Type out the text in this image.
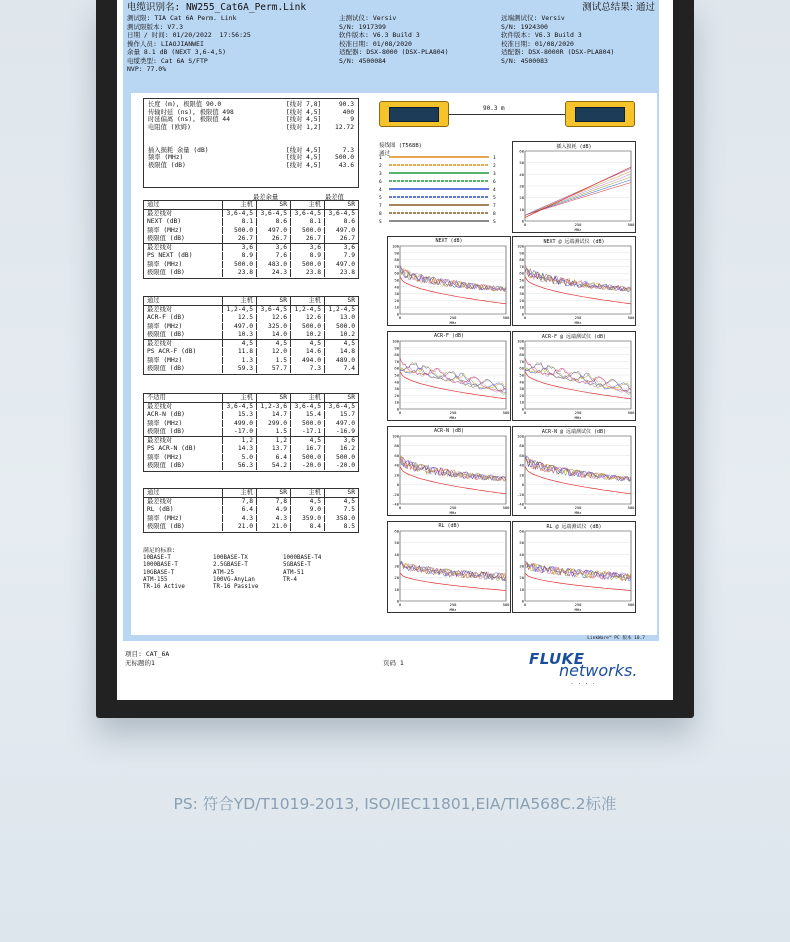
电缆识别名: NW255_Cat6A_Perm.Link	测试总结果: 通过
测试限: TIA Cat 6A Perm. Link
测试限版本: V7.3
日期 / 时间: 01/20/2022  17:56:25
操作人员: LIAOJIANWEI
余量 8.1 dB (NEXT 3,6-4,5)
电缆类型: Cat 6A S/FTP
NVP: 77.0%
主测试仪: Versiv
S/N: 1917399
软件版本: V6.3 Build 3
校准日期: 01/08/2020
适配器: DSX-8000 (DSX-PLA804)
S/N: 4500084
远端测试仪: Versiv
S/N: 1924300
软件版本: V6.3 Build 3
校准日期: 01/08/2020
适配器: DSX-8000R (DSX-PLA804)
S/N: 4500083
长度 (m), 极限值 90.0	[线对 7,8]	90.3
传输时延 (ns), 极限值 498	[线对 4,5]	400
时延偏离 (ns), 极限值 44	[线对 4,5]	9
电阻值 (欧姆)	[线对 1,2]	12.72

插入损耗 余量 (dB)	[线对 4,5]	7.3
频率 (MHz)	[线对 4,5]	500.0
极限值 (dB)	[线对 4,5]	43.6
最差余量	最差值
通过	主机	SR	主机	SR
最差线对	3,6-4,5	3,6-4,5	3,6-4,5	3,6-4,5
NEXT (dB)	8.1	8.6	8.1	8.6
频率 (MHz)	500.0	497.0	500.0	497.0
极限值 (dB)	26.7	26.7	26.7	26.7
最差线对	3,6	3,6	3,6	3,6
PS NEXT (dB)	8.9	7.6	8.9	7.9
频率 (MHz)	500.0	483.0	500.0	497.0
极限值 (dB)	23.8	24.3	23.8	23.8
通过	主机	SR	主机	SR
最差线对	1,2-4,5	3,6-4,5	1,2-4,5	1,2-4,5
ACR-F (dB)	12.5	12.6	12.6	13.0
频率 (MHz)	497.0	325.0	500.0	500.0
极限值 (dB)	10.3	14.0	10.2	10.2
最差线对	4,5	4,5	4,5	4,5
PS ACR-F (dB)	11.8	12.0	14.6	14.8
频率 (MHz)	1.3	1.5	494.0	489.0
极限值 (dB)	59.3	57.7	7.3	7.4
不适用	主机	SR	主机	SR
最差线对	3,6-4,5	1,2-3,6	3,6-4,5	3,6-4,5
ACR-N (dB)	15.3	14.7	15.4	15.7
频率 (MHz)	499.0	299.0	500.0	497.0
极限值 (dB)	-17.0	1.5	-17.1	-16.9
最差线对	1,2	1,2	4,5	3,6
PS ACR-N (dB)	14.3	13.7	16.7	16.2
频率 (MHz)	5.0	6.4	500.0	500.0
极限值 (dB)	56.3	54.2	-20.0	-20.0
通过	主机	SR	主机	SR
最差线对	7,8	7,8	4,5	4,5
RL (dB)	6.4	4.9	9.0	7.5
频率 (MHz)	4.3	4.3	359.0	358.0
极限值 (dB)	21.0	21.0	8.4	8.5
满足的标准:
10BASE-T	100BASE-TX	1000BASE-T4
1000BASE-T	2.5GBASE-T	5GBASE-T
10GBASE-T	ATM-25	ATM-51
ATM-155	100VG-AnyLan	TR-4
TR-16 Active	TR-16 Passive
90.3 m
接线图 (T568B)
通过
1	1
2	2
3	3
6	6
4	4
5	5
7	7
8	8
S	S
插入损耗 (dB)
60
50
40
30
20
10
0
0	250	500
MHz
NEXT (dB)
100
90
80
70
60
50
40
30
20
10
0
0	250	500
MHz
NEXT @ 远端测试仪 (dB)
100
90
80
70
60
50
40
30
20
10
0
0	250	500
MHz
ACR-F (dB)
100
90
80
70
60
50
40
30
20
10
0
0	250	500
MHz
ACR-F @ 远端测试仪 (dB)
100
90
80
70
60
50
40
30
20
10
0
0	250	500
MHz
ACR-N (dB)
100
80
60
40
20
0
-20
-40
0	250	500
MHz
ACR-N @ 远端测试仪 (dB)
100
80
60
40
20
0
-20
-40
0	250	500
MHz
RL (dB)
60
50
40
30
20
10
0
0	250	500
MHz
RL @ 远端测试仪 (dB)
60
50
40
30
20
10
0
0	250	500
MHz
LinkWare™ PC 版本 10.7
项目: CAT_6A
无标题的1	页码 1	FLUKE
networks.
....
PS: 符合YD/T1019-2013, ISO/IEC11801,EIA/TIA568C.2标准
